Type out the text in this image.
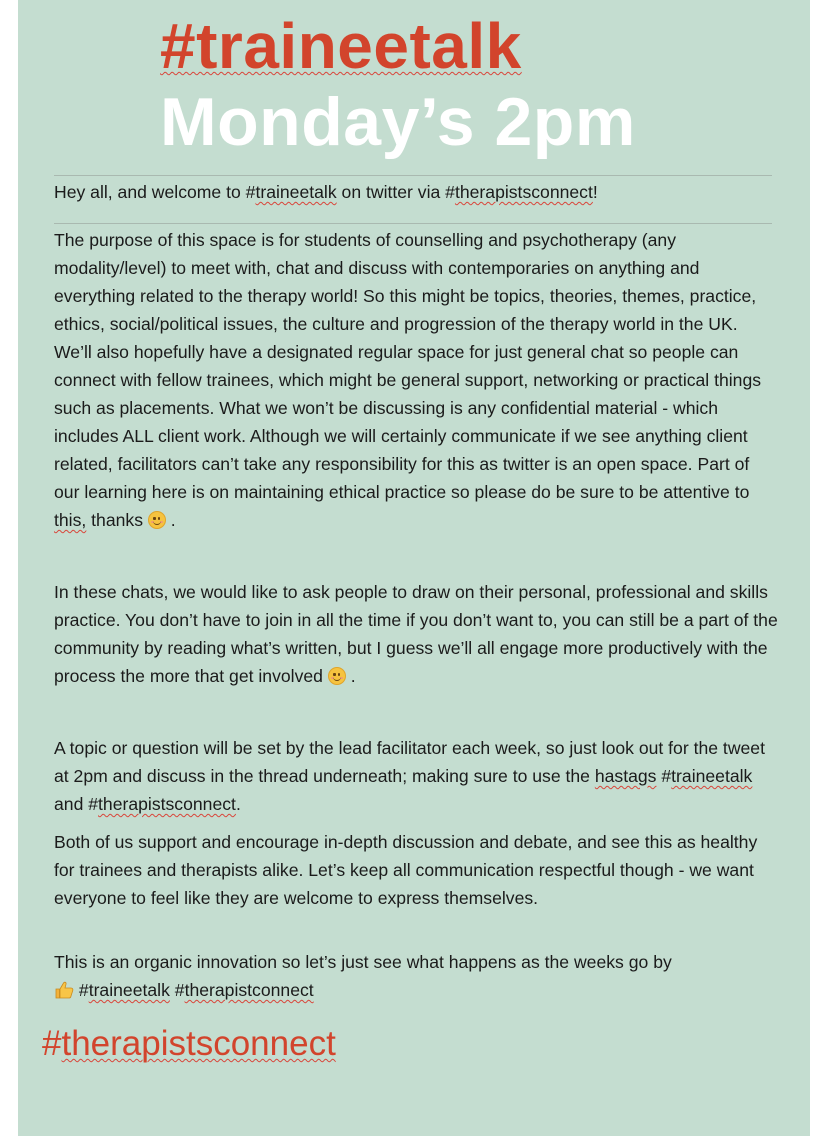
#traineetalk
Monday’s 2pm

Hey all, and welcome to #traineetalk on twitter via #therapistsconnect!

The purpose of this space is for students of counselling and psychotherapy (any modality/level) to meet with, chat and discuss with contemporaries on anything and everything related to the therapy world! So this might be topics, theories, themes, practice, ethics, social/political issues, the culture and progression of the therapy world in the UK. We’ll also hopefully have a designated regular space for just general chat so people can connect with fellow trainees, which might be general support, networking or practical things such as placements. What we won’t be discussing is any confidential material - which includes ALL client work. Although we will certainly communicate if we see anything client related, facilitators can’t take any responsibility for this as twitter is an open space. Part of our learning here is on maintaining ethical practice so please do be sure to be attentive to this, thanks
.

In these chats, we would like to ask people to draw on their personal, professional and skills practice. You don’t have to join in all the time if you don’t want to, you can still be a part of the community by reading what’s written, but I guess we’ll all engage more productively with the process the more that get involved
.

A topic or question will be set by the lead facilitator each week, so just look out for the tweet at 2pm and discuss in the thread underneath; making sure to use the hastags #traineetalk and #therapistsconnect.

Both of us support and encourage in-depth discussion and debate, and see this as healthy for trainees and therapists alike. Let’s keep all communication respectful though - we want everyone to feel like they are welcome to express themselves.

This is an organic innovation so let’s just see what happens as the weeks go by
#traineetalk #therapistconnect

#therapistsconnect
